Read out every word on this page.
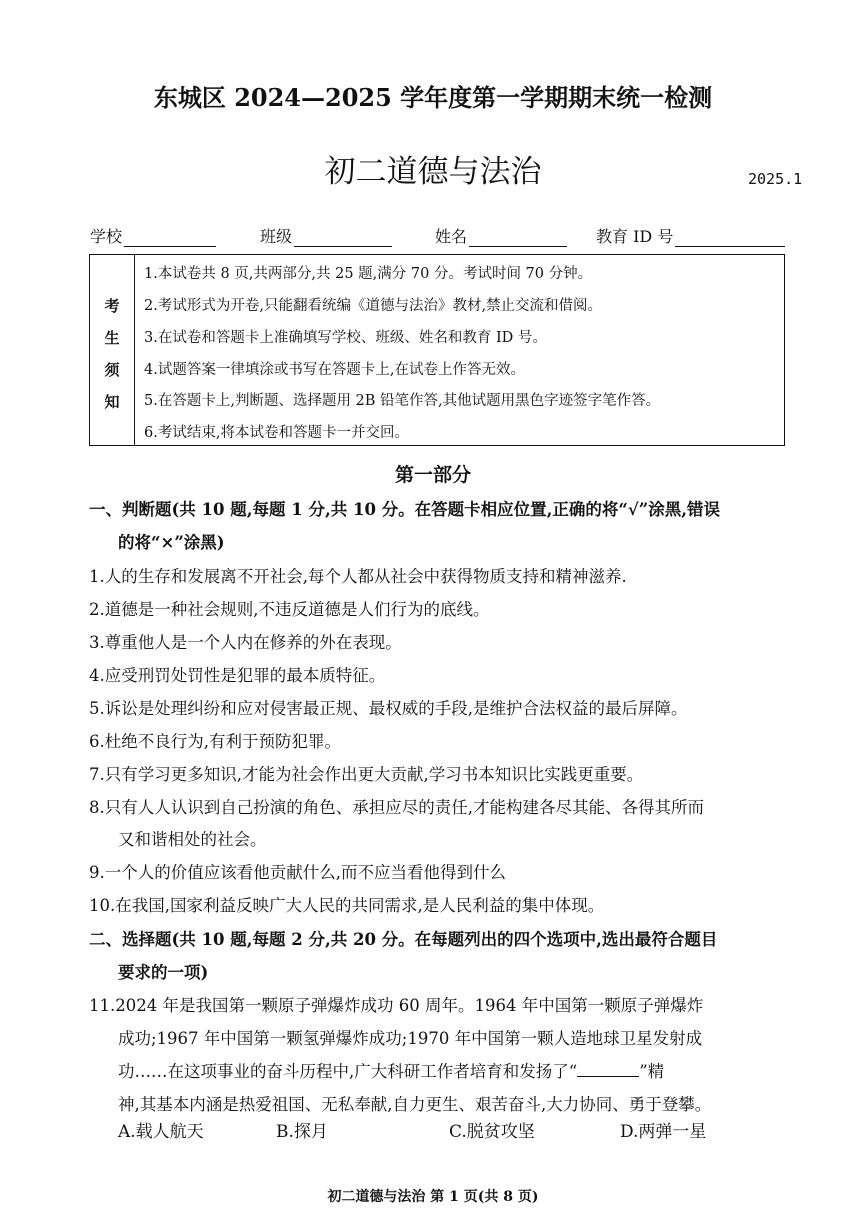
东城区 2024—2025 学年度第一学期期末统一检测
初二道德与法治	2025.1
学校	班级	姓名	教育 ID 号
考
生
须
知
1.本试卷共 8 页,共两部分,共 25 题,满分 70 分。考试时间 70 分钟。
2.考试形式为开卷,只能翻看统编《道德与法治》教材,禁止交流和借阅。
3.在试卷和答题卡上准确填写学校、班级、姓名和教育 ID 号。
4.试题答案一律填涂或书写在答题卡上,在试卷上作答无效。
5.在答题卡上,判断题、选择题用 2B 铅笔作答,其他试题用黑色字迹签字笔作答。
6.考试结束,将本试卷和答题卡一并交回。
第一部分
一、判断题(共 10 题,每题 1 分,共 10 分。在答题卡相应位置,正确的将“√”涂黑,错误
的将“×”涂黑)
1.人的生存和发展离不开社会,每个人都从社会中获得物质支持和精神滋养.
2.道德是一种社会规则,不违反道德是人们行为的底线。
3.尊重他人是一个人内在修养的外在表现。
4.应受刑罚处罚性是犯罪的最本质特征。
5.诉讼是处理纠纷和应对侵害最正规、最权威的手段,是维护合法权益的最后屏障。
6.杜绝不良行为,有利于预防犯罪。
7.只有学习更多知识,才能为社会作出更大贡献,学习书本知识比实践更重要。
8.只有人人认识到自己扮演的角色、承担应尽的责任,才能构建各尽其能、各得其所而
又和谐相处的社会。
9.一个人的价值应该看他贡献什么,而不应当看他得到什么
10.在我国,国家利益反映广大人民的共同需求,是人民利益的集中体现。
二、选择题(共 10 题,每题 2 分,共 20 分。在每题列出的四个选项中,选出最符合题目
要求的一项)
11.2024 年是我国第一颗原子弹爆炸成功 60 周年。1964 年中国第一颗原子弹爆炸
成功;1967 年中国第一颗氢弹爆炸成功;1970 年中国第一颗人造地球卫星发射成
功……在这项事业的奋斗历程中,广大科研工作者培育和发扬了“	”精
神,其基本内涵是热爱祖国、无私奉献,自力更生、艰苦奋斗,大力协同、勇于登攀。
A.载人航天	B.探月	C.脱贫攻坚	D.两弹一星
初二道德与法治 第 1 页(共 8 页)
